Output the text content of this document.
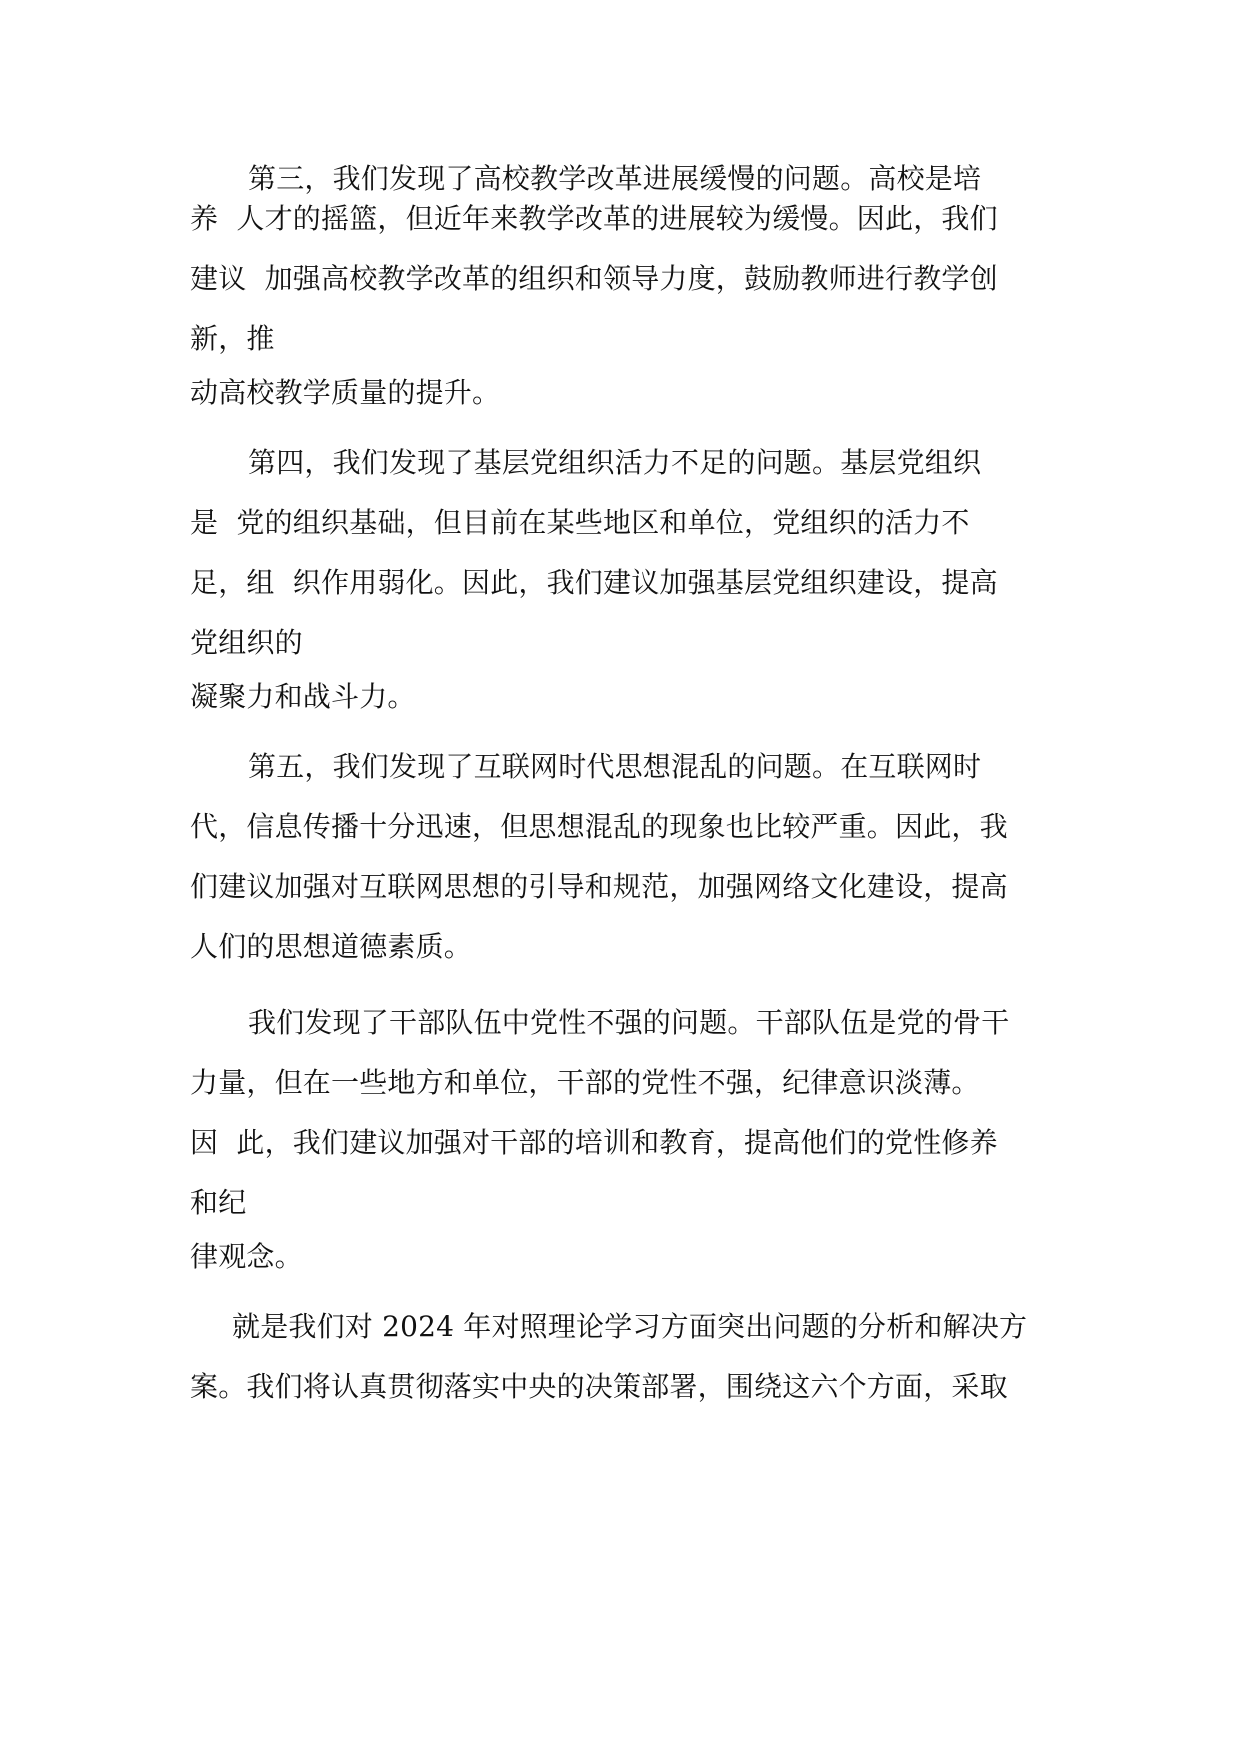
第三，我们发现了高校教学改革进展缓慢的问题。高校是培
养  人才的摇篮，但近年来教学改革的进展较为缓慢。因此，我们
建议  加强高校教学改革的组织和领导力度，鼓励教师进行教学创
新，推
动高校教学质量的提升。
第四，我们发现了基层党组织活力不足的问题。基层党组织
是  党的组织基础，但目前在某些地区和单位，党组织的活力不
足，组  织作用弱化。因此，我们建议加强基层党组织建设，提高
党组织的
凝聚力和战斗力。
第五，我们发现了互联网时代思想混乱的问题。在互联网时
代，信息传播十分迅速，但思想混乱的现象也比较严重。因此，我
们建议加强对互联网思想的引导和规范，加强网络文化建设，提高
人们的思想道德素质。
我们发现了干部队伍中党性不强的问题。干部队伍是党的骨干
力量，但在一些地方和单位，干部的党性不强，纪律意识淡薄。
因  此，我们建议加强对干部的培训和教育，提高他们的党性修养
和纪
律观念。
就是我们对 2024 年对照理论学习方面突出问题的分析和解决方
案。我们将认真贯彻落实中央的决策部署，围绕这六个方面，采取
